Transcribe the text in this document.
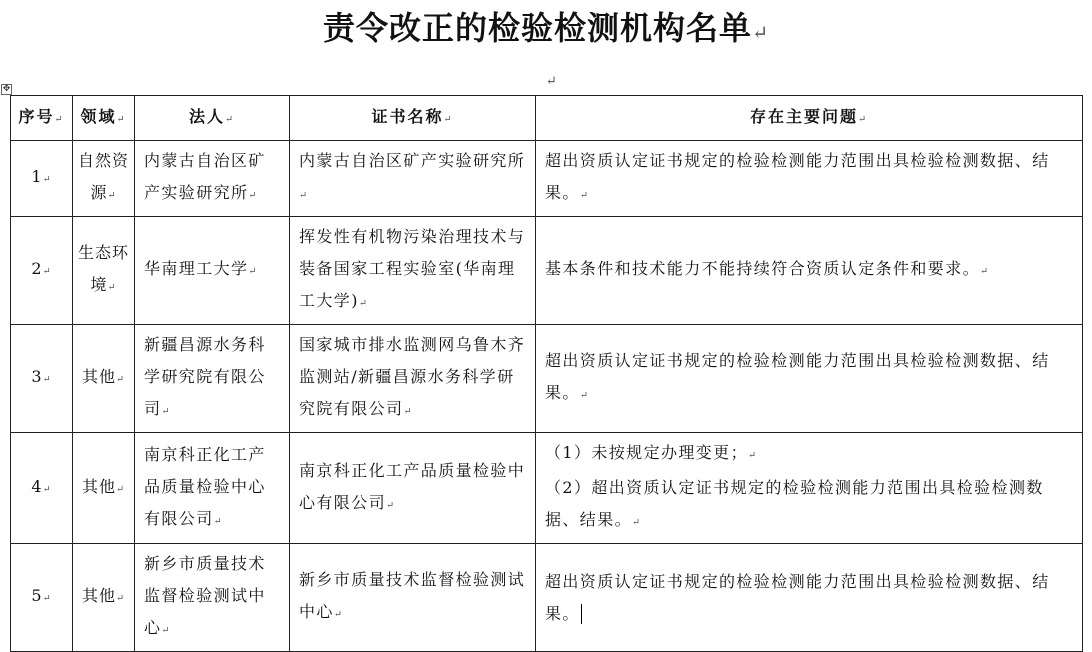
责令改正的检验检测机构名单↵
↵
✥
序号↵	领域↵	法人↵	证书名称↵	存在主要问题↵
1↵	自然资源↵	内蒙古自治区矿产实验研究所↵	内蒙古自治区矿产实验研究所↵	超出资质认定证书规定的检验检测能力范围出具检验检测数据、结果。↵
2↵	生态环境↵	华南理工大学↵	挥发性有机物污染治理技术与装备国家工程实验室(华南理工大学)↵	基本条件和技术能力不能持续符合资质认定条件和要求。↵
3↵	其他↵	新疆昌源水务科学研究院有限公司↵	国家城市排水监测网乌鲁木齐监测站/新疆昌源水务科学研究院有限公司↵	超出资质认定证书规定的检验检测能力范围出具检验检测数据、结果。↵
4↵	其他↵	南京科正化工产品质量检验中心有限公司↵	南京科正化工产品质量检验中心有限公司↵	（1）未按规定办理变更；↵
（2）超出资质认定证书规定的检验检测能力范围出具检验检测数据、结果。↵

5↵	其他↵	新乡市质量技术监督检验测试中心↵	新乡市质量技术监督检验测试中心↵	超出资质认定证书规定的检验检测能力范围出具检验检测数据、结果。
